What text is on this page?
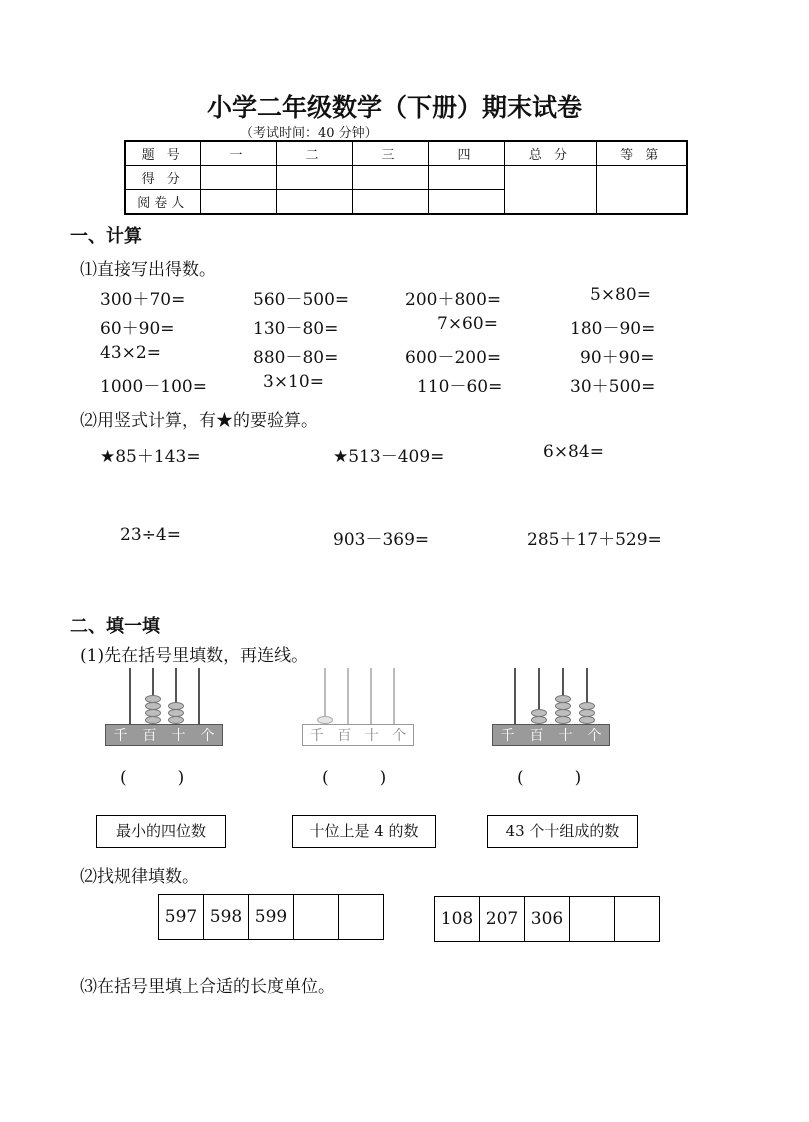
小学二年级数学（下册）期末试卷
（考试时间：40 分钟）
题 号	一	二	三	四	总 分	等 第
得 分						
阅卷人						
一、计算
⑴直接写出得数。
300＋70=	560－500=	200＋800=	5×80=
60＋90=	130－80=	7×60=	180－90=
43×2=	880－80=	600－200=	90＋90=
1000－100=	3×10=	110－60=	30＋500=
⑵用竖式计算，有★的要验算。
★85＋143=	★513－409=	6×84=
23÷4=	903－369=	285＋17＋529=
二、填一填
(1)先在括号里填数，再连线。
千 百 十 个	千 百 十 个	千 百 十 个
(　　　)	(　　　)	(　　　)
最小的四位数	十位上是 4 的数	43 个十组成的数
⑵找规律填数。
597 598 599	108 207 306
⑶在括号里填上合适的长度单位。
